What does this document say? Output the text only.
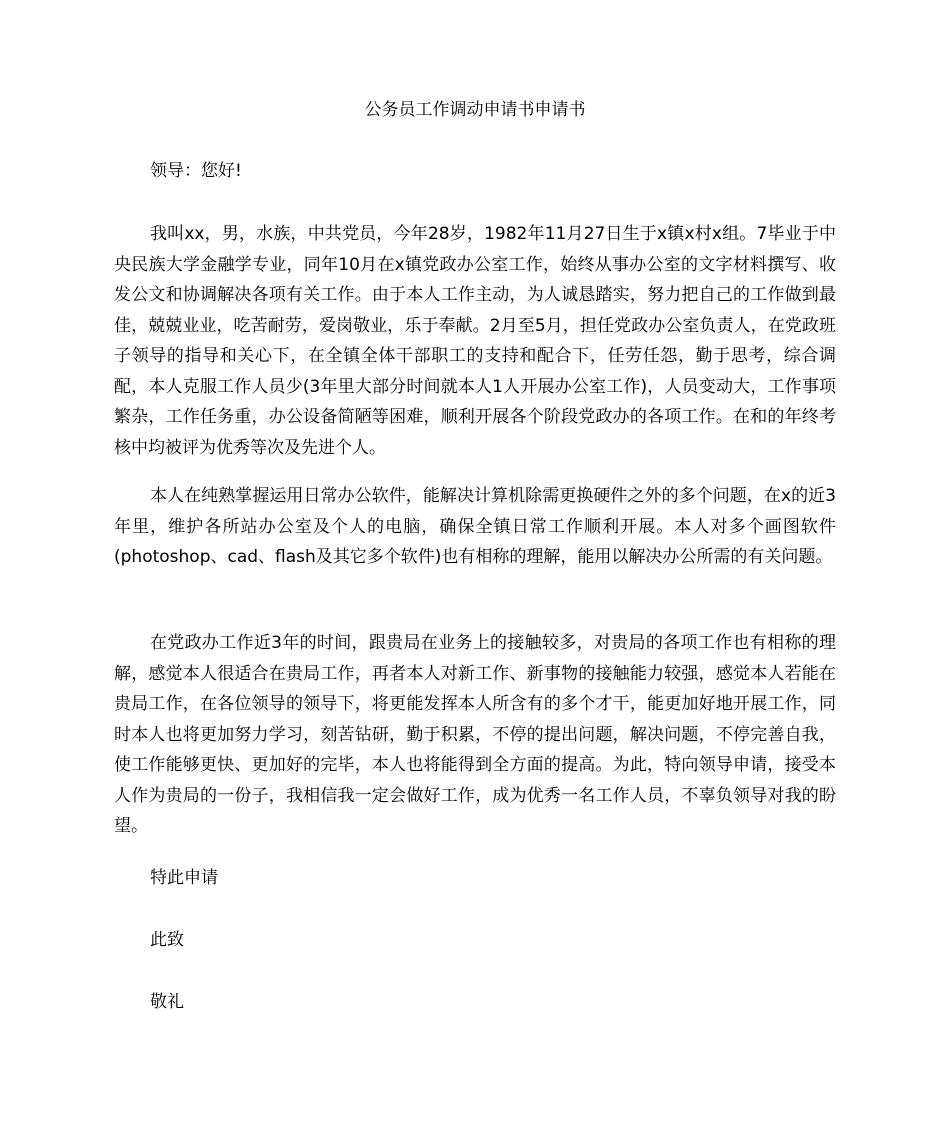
公务员工作调动申请书申请书

领导：您好!

我叫xx，男，水族，中共党员，今年28岁，1982年11月27日生于x镇x村x组。7毕业于中央民族大学金融学专业，同年10月在x镇党政办公室工作，始终从事办公室的文字材料撰写、收发公文和协调解决各项有关工作。由于本人工作主动，为人诚恳踏实，努力把自己的工作做到最佳，兢兢业业，吃苦耐劳，爱岗敬业，乐于奉献。2月至5月，担任党政办公室负责人，在党政班子领导的指导和关心下，在全镇全体干部职工的支持和配合下，任劳任怨，勤于思考，综合调配，本人克服工作人员少(3年里大部分时间就本人1人开展办公室工作)，人员变动大，工作事项繁杂，工作任务重，办公设备简陋等困难，顺利开展各个阶段党政办的各项工作。在和的年终考核中均被评为优秀等次及先进个人。

本人在纯熟掌握运用日常办公软件，能解决计算机除需更换硬件之外的多个问题，在x的近3年里，维护各所站办公室及个人的电脑，确保全镇日常工作顺利开展。本人对多个画图软件(photoshop、cad、flash及其它多个软件)也有相称的理解，能用以解决办公所需的有关问题。

在党政办工作近3年的时间，跟贵局在业务上的接触较多，对贵局的各项工作也有相称的理解，感觉本人很适合在贵局工作，再者本人对新工作、新事物的接触能力较强，感觉本人若能在贵局工作，在各位领导的领导下，将更能发挥本人所含有的多个才干，能更加好地开展工作，同时本人也将更加努力学习，刻苦钻研，勤于积累，不停的提出问题，解决问题，不停完善自我，使工作能够更快、更加好的完毕，本人也将能得到全方面的提高。为此，特向领导申请，接受本人作为贵局的一份子，我相信我一定会做好工作，成为优秀一名工作人员，不辜负领导对我的盼望。

特此申请

此致

敬礼
